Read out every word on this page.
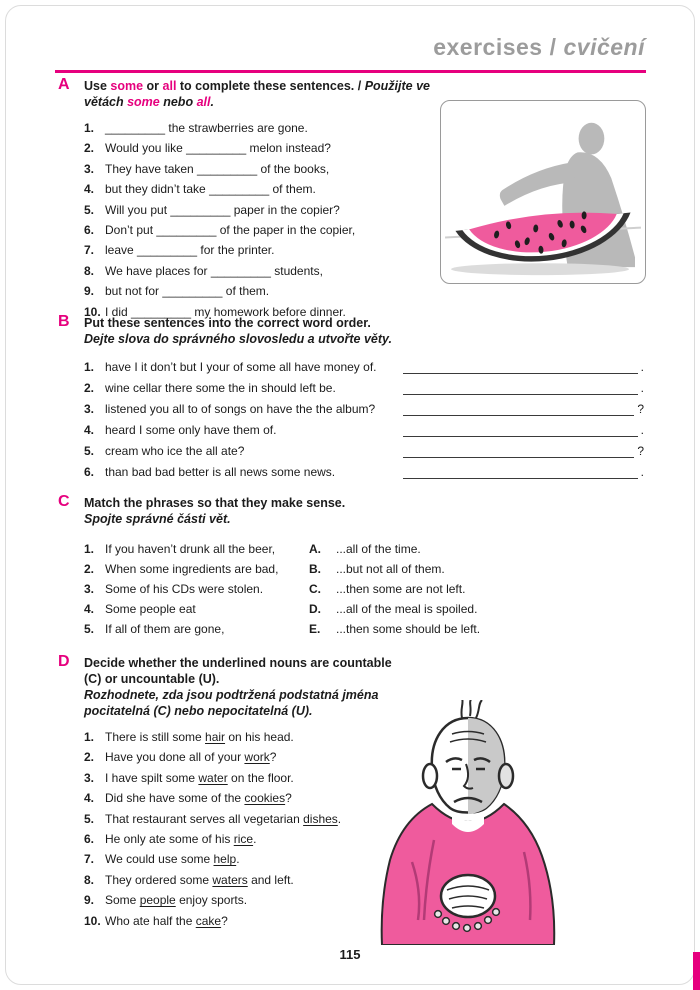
exercises / cvičení
A Use some or all to complete these sentences. / Použijte ve větách some nebo all.
1. _________ the strawberries are gone.
2. Would you like _________ melon instead?
3. They have taken _________ of the books,
4. but they didn’t take _________ of them.
5. Will you put _________ paper in the copier?
6. Don’t put _________ of the paper in the copier,
7. leave _________ for the printer.
8. We have places for _________ students,
9. but not for _________ of them.
10. I did _________ my homework before dinner.
B Put these sentences into the correct word order.
Dejte slova do správného slovosledu a utvořte věty.
1. have I it don’t but I your of some all have money of.	.
2. wine cellar there some the in should left be.	.
3. listened you all to of songs on have the the album?	?
4. heard I some only have them of.	.
5. cream who ice the all ate?	?
6. than bad bad better is all news some news.	.
C Match the phrases so that they make sense.
Spojte správné části vět.
1. If you haven’t drunk all the beer,	A.	...all of the time.
2. When some ingredients are bad,	B.	...but not all of them.
3. Some of his CDs were stolen.	C.	...then some are not left.
4. Some people eat	D.	...all of the meal is spoiled.
5. If all of them are gone,	E.	...then some should be left.
D Decide whether the underlined nouns are countable (C) or uncountable (U).
Rozhodnete, zda jsou podtržená podstatná jména pocitatelná (C) nebo nepocitatelná (U).
1. There is still some hair on his head.
2. Have you done all of your work?
3. I have spilt some water on the floor.
4. Did she have some of the cookies?
5. That restaurant serves all vegetarian dishes.
6. He only ate some of his rice.
7. We could use some help.
8. They ordered some waters and left.
9. Some people enjoy sports.
10. Who ate half the cake?
115
